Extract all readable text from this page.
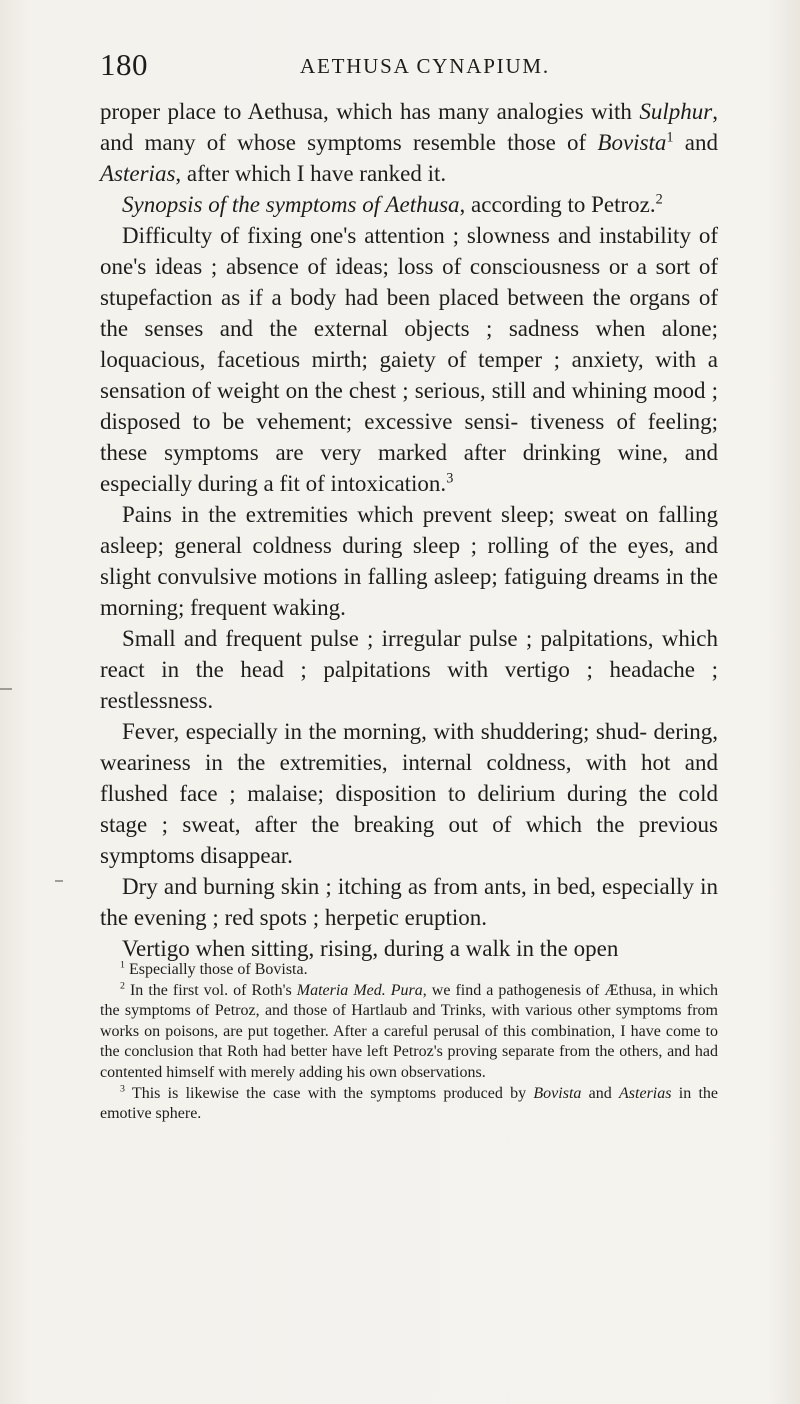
180	AETHUSA CYNAPIUM.

proper place to Aethusa, which has many analogies with Sulphur, and many of whose symptoms resemble those of Bovista$^1$ and Asterias, after which I have ranked it.

Synopsis of the symptoms of Aethusa, according to Petroz.$^2$

Difficulty of fixing one's attention ; slowness and instability of one's ideas ; absence of ideas; loss of consciousness or a sort of stupefaction as if a body had been placed between the organs of the senses and the external objects ; sadness when alone; loquacious, facetious mirth; gaiety of temper ; anxiety, with a sensation of weight on the chest ; serious, still and whining mood ; disposed to be vehement; excessive sensi- tiveness of feeling; these symptoms are very marked after drinking wine, and especially during a fit of intoxication.$^3$

Pains in the extremities which prevent sleep; sweat on falling asleep; general coldness during sleep ; rolling of the eyes, and slight convulsive motions in falling asleep; fatiguing dreams in the morning; frequent waking.

Small and frequent pulse ; irregular pulse ; palpitations, which react in the head ; palpitations with vertigo ; headache ; restlessness.

Fever, especially in the morning, with shuddering; shud- dering, weariness in the extremities, internal coldness, with hot and flushed face ; malaise; disposition to delirium during the cold stage ; sweat, after the breaking out of which the previous symptoms disappear.

Dry and burning skin ; itching as from ants, in bed, especially in the evening ; red spots ; herpetic eruption.

Vertigo when sitting, rising, during a walk in the open

$^1$ Especially those of Bovista.

$^2$ In the first vol. of Roth's Materia Med. Pura, we find a pathogenesis of Æthusa, in which the symptoms of Petroz, and those of Hartlaub and Trinks, with various other symptoms from works on poisons, are put together. After a careful perusal of this combination, I have come to the conclusion that Roth had better have left Petroz's proving separate from the others, and had contented himself with merely adding his own observations.

$^3$ This is likewise the case with the symptoms produced by Bovista and Asterias in the emotive sphere.
